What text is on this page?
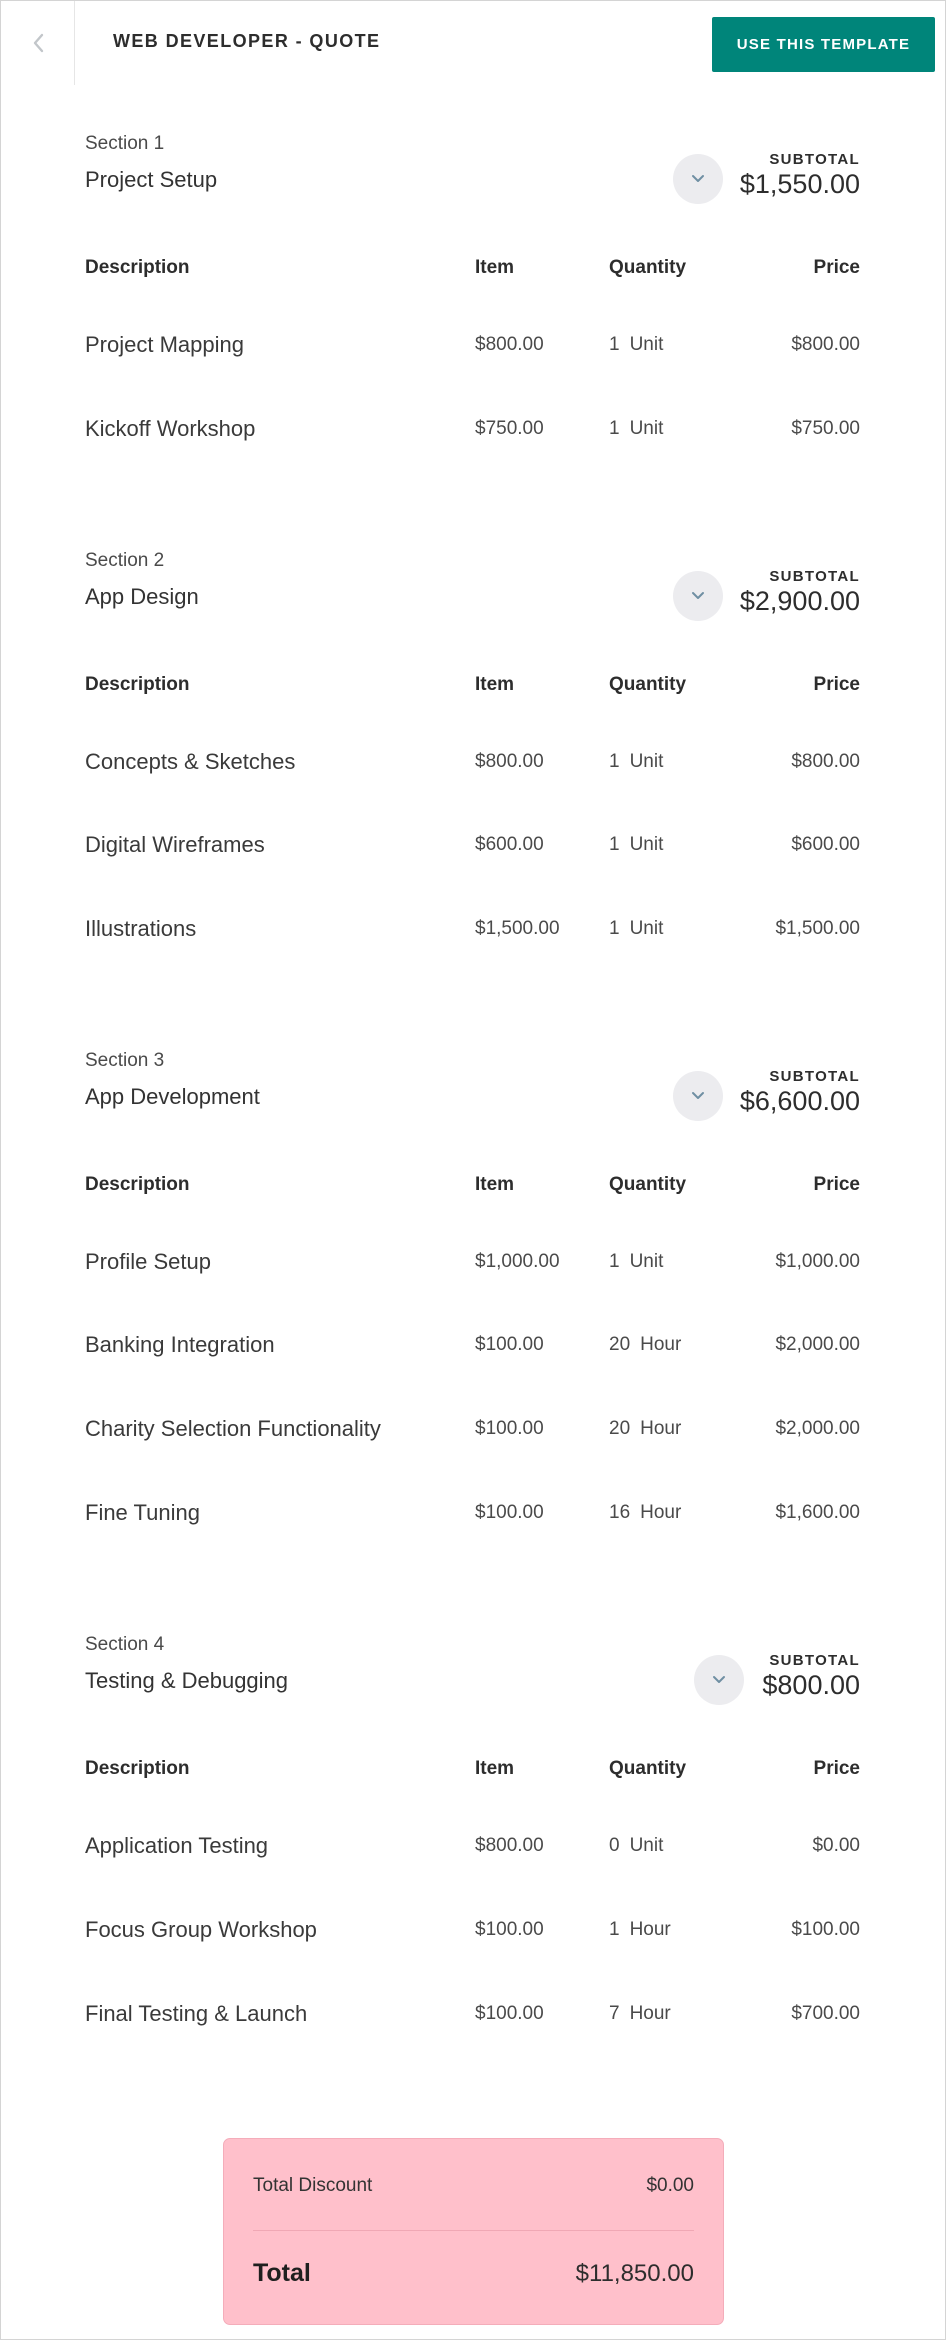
WEB DEVELOPER - QUOTE	USE THIS TEMPLATE
Section 1
Project Setup
SUBTOTAL
$1,550.00
Description	Item	Quantity	Price
Project Mapping	$800.00	1 Unit	$800.00
Kickoff Workshop	$750.00	1 Unit	$750.00
Section 2
App Design
SUBTOTAL
$2,900.00
Description	Item	Quantity	Price
Concepts & Sketches	$800.00	1 Unit	$800.00
Digital Wireframes	$600.00	1 Unit	$600.00
Illustrations	$1,500.00	1 Unit	$1,500.00
Section 3
App Development
SUBTOTAL
$6,600.00
Description	Item	Quantity	Price
Profile Setup	$1,000.00	1 Unit	$1,000.00
Banking Integration	$100.00	20 Hour	$2,000.00
Charity Selection Functionality	$100.00	20 Hour	$2,000.00
Fine Tuning	$100.00	16 Hour	$1,600.00
Section 4
Testing & Debugging
SUBTOTAL
$800.00
Description	Item	Quantity	Price
Application Testing	$800.00	0 Unit	$0.00
Focus Group Workshop	$100.00	1 Hour	$100.00
Final Testing & Launch	$100.00	7 Hour	$700.00
Total Discount	$0.00
Total	$11,850.00
